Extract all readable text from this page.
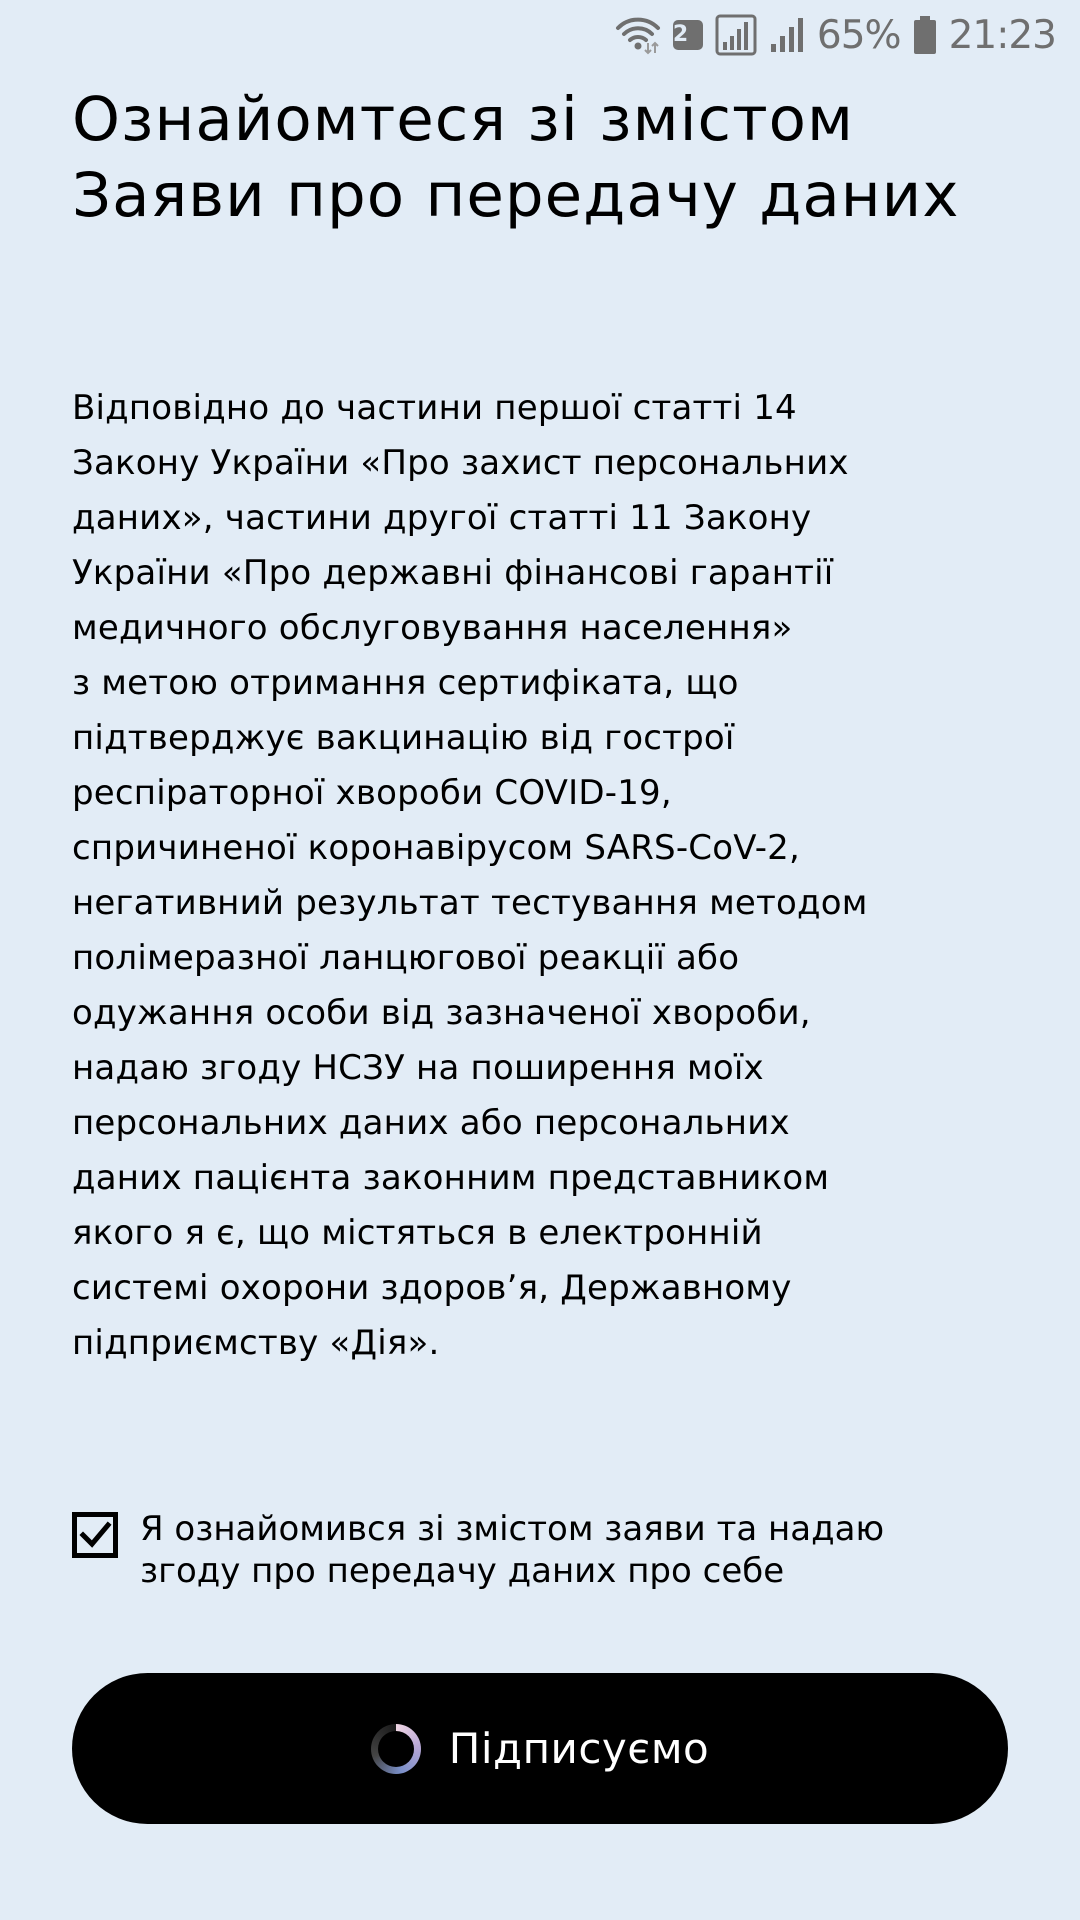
2	65% 21:23
Ознайомтеся зі змістом Заяви про передачу даних

Відповідно до частини першої статті 14
Закону України «Про захист персональних
даних», частини другої статті 11 Закону
України «Про державні фінансові гарантії
медичного обслуговування населення»
з метою отримання сертифіката, що
підтверджує вакцинацію від гострої
респіраторної хвороби COVID-19,
спричиненої коронавірусом SARS-CoV-2,
негативний результат тестування методом
полімеразної ланцюгової реакції або
одужання особи від зазначеної хвороби,
надаю згоду НСЗУ на поширення моїх
персональних даних або персональних
даних пацієнта законним представником
якого я є, що містяться в електронній
системі охорони здоров’я, Державному
підприємству «Дія».

Я ознайомився зі змістом заяви та надаю
згоду про передачу даних про себе
Підписуємо
